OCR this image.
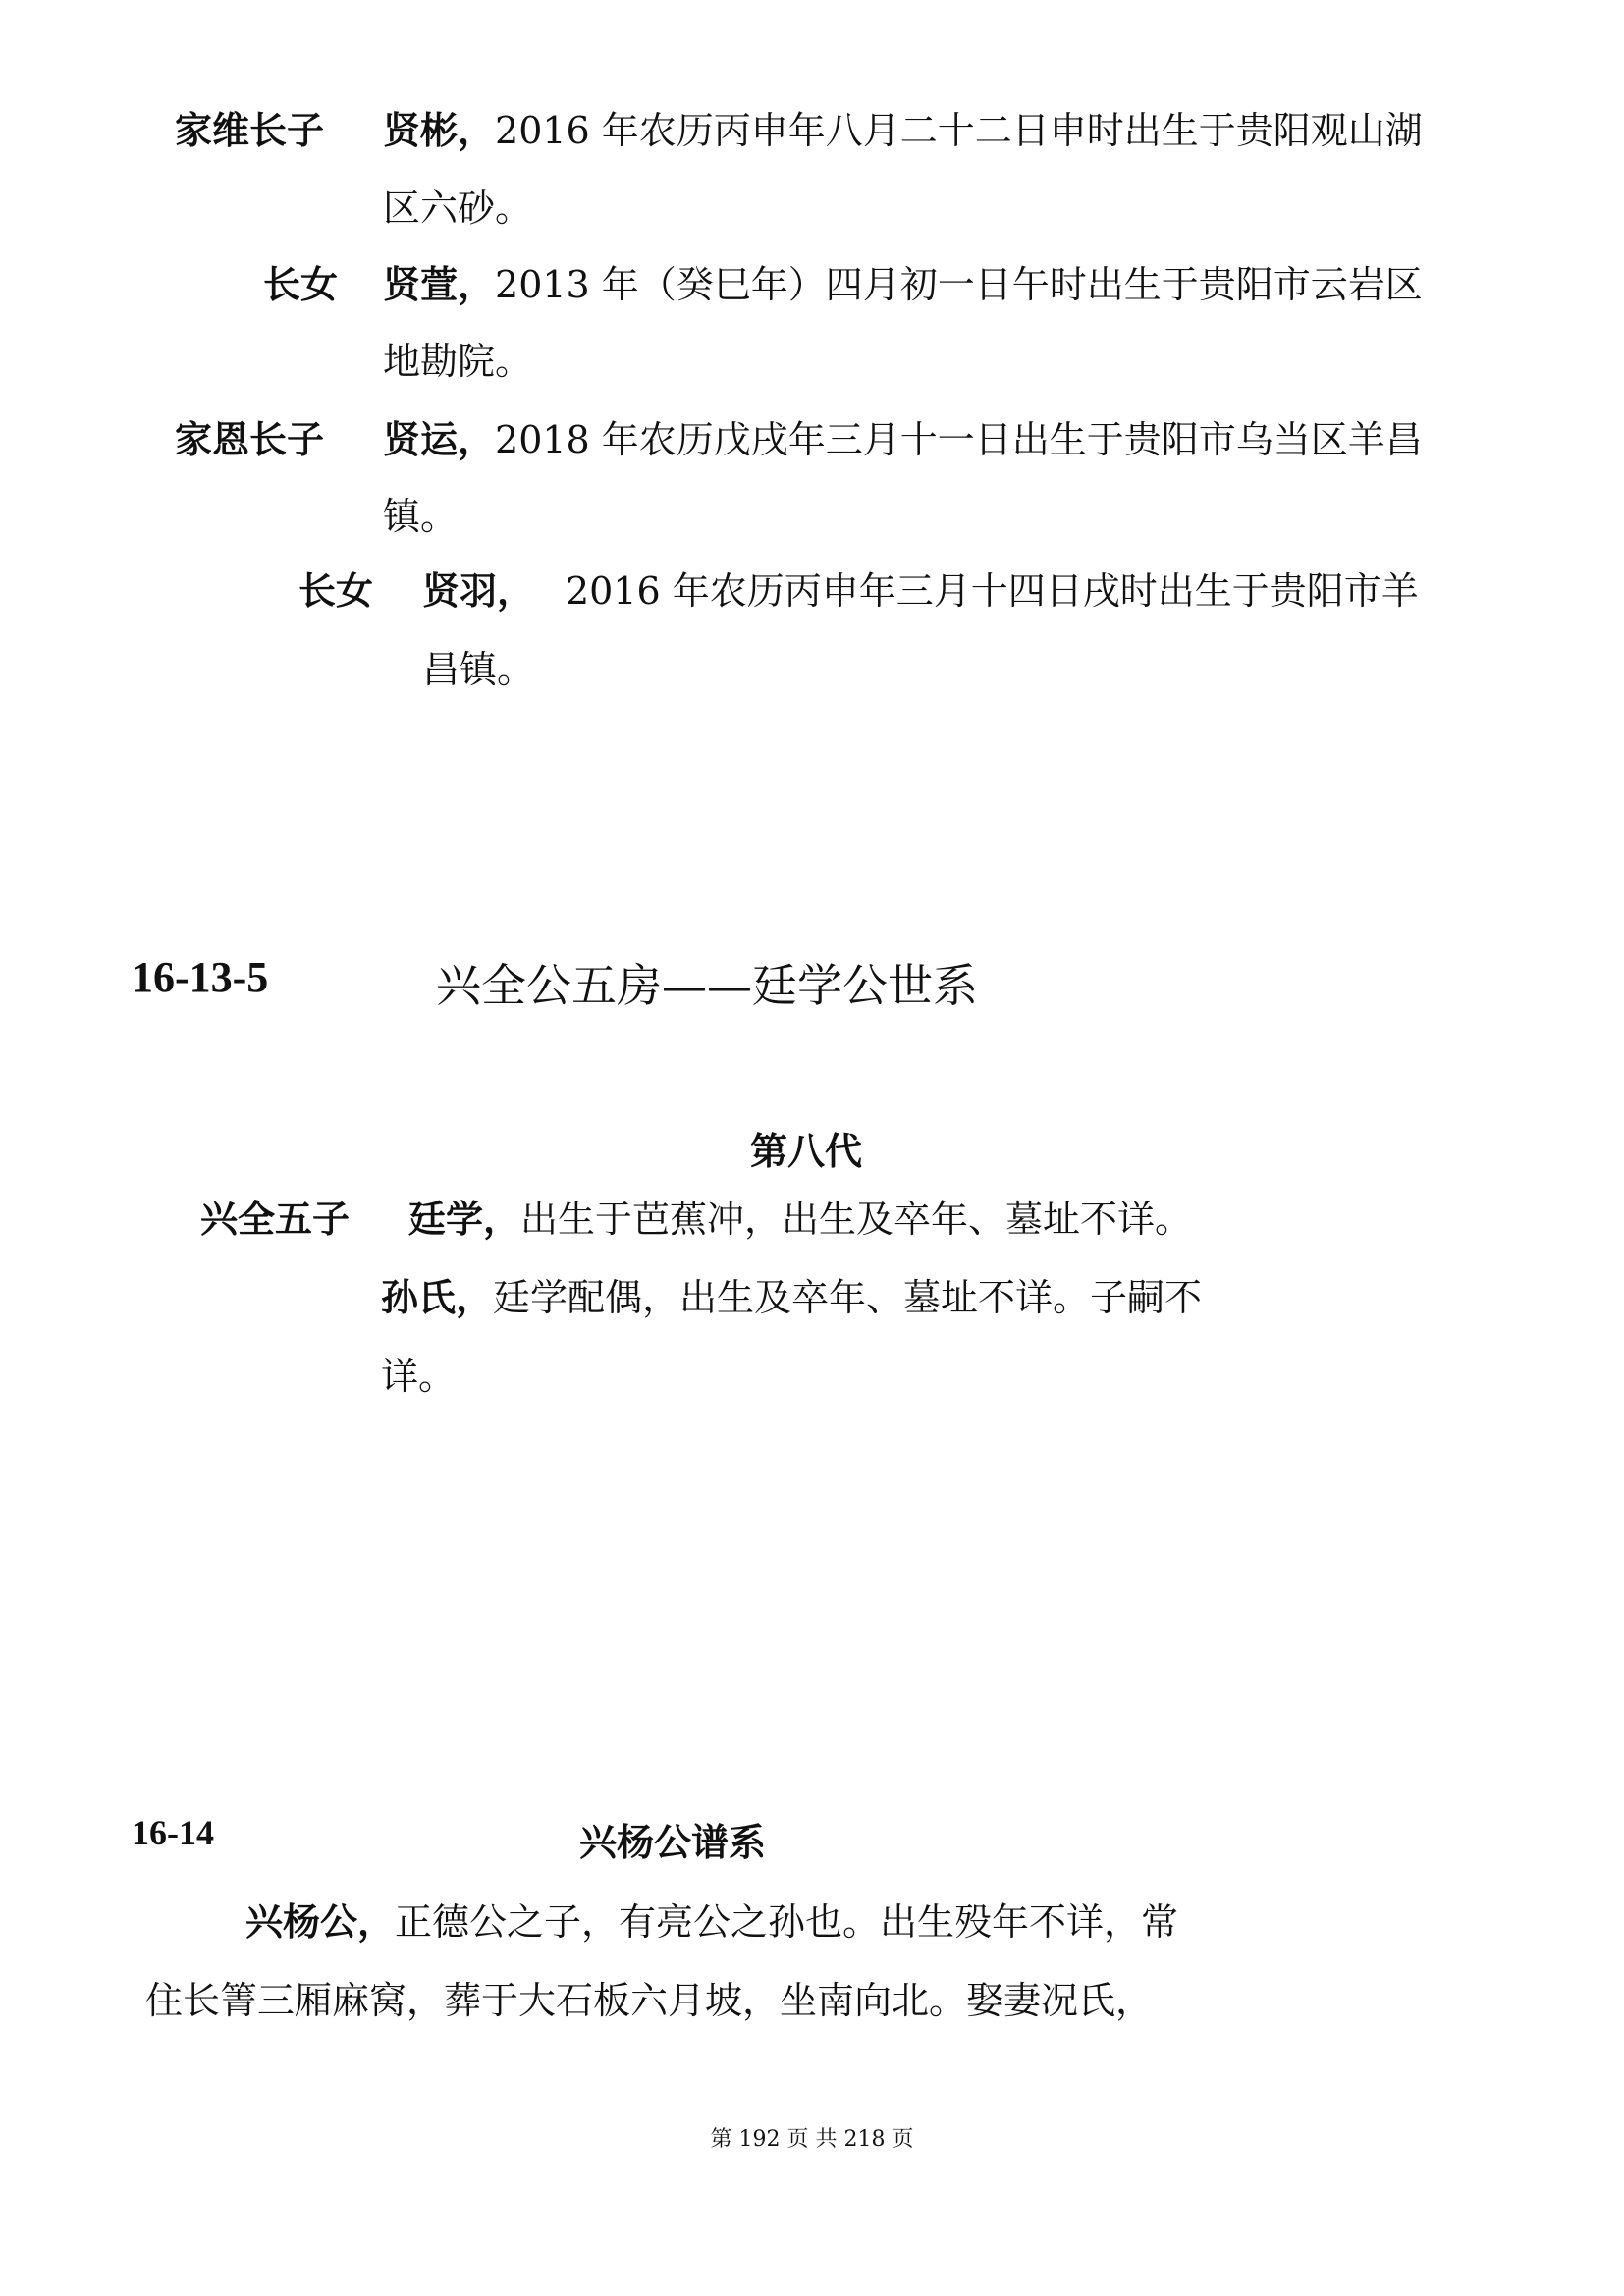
家维长子 贤彬，2016 年农历丙申年八月二十二日申时出生于贵阳观山湖
区六砂。
长女 贤萱，2013 年（癸巳年）四月初一日午时出生于贵阳市云岩区
地勘院。
家恩长子 贤运，2018 年农历戊戌年三月十一日出生于贵阳市乌当区羊昌
镇。
长女 贤羽， 2016 年农历丙申年三月十四日戌时出生于贵阳市羊
昌镇。
16-13-5	兴全公五房——廷学公世系
第八代
兴全五子 廷学，出生于芭蕉冲，出生及卒年、墓址不详。
孙氏，廷学配偶，出生及卒年、墓址不详。子嗣不
详。
16-14	兴杨公谱系
兴杨公，正德公之子，有亮公之孙也。出生殁年不详，常
住长箐三厢麻窝，葬于大石板六月坡，坐南向北。娶妻况氏，
第 192 页 共 218 页
